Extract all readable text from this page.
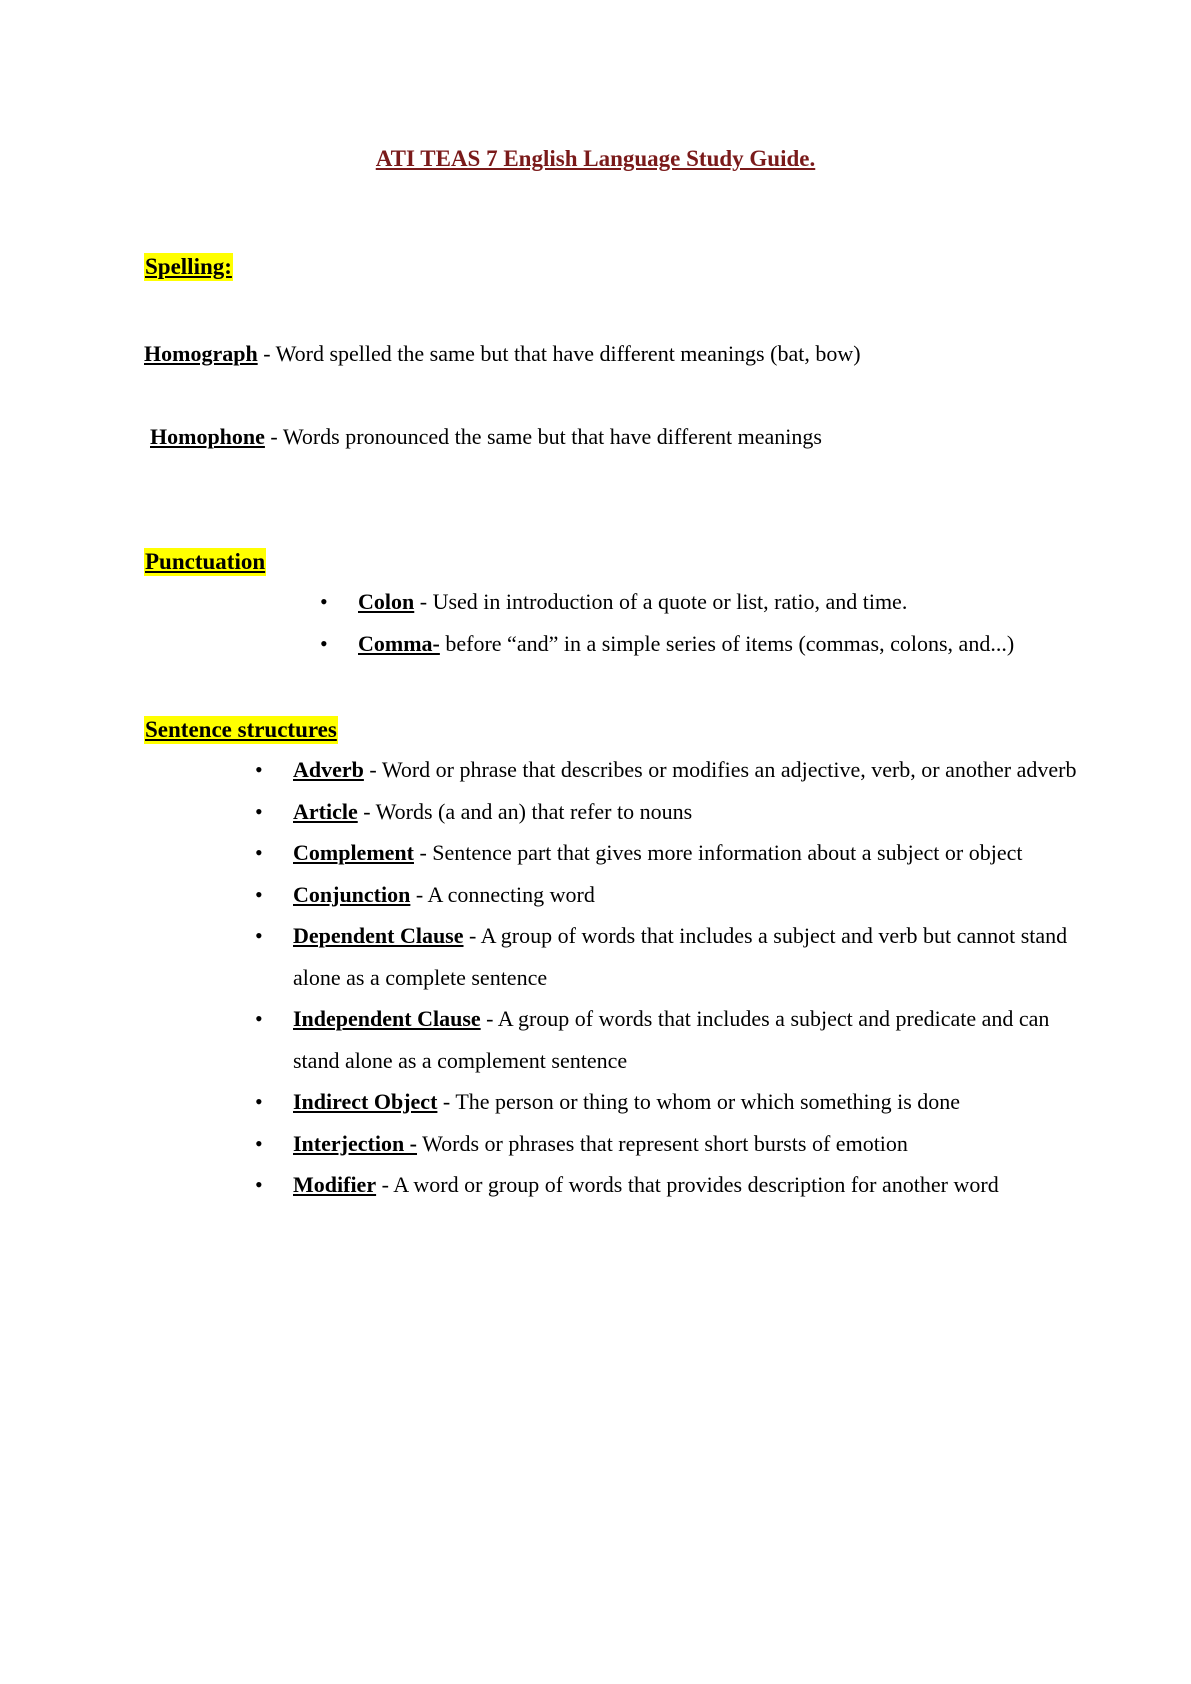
ATI TEAS 7 English Language Study Guide.
Spelling:
Homograph - Word spelled the same but that have different meanings (bat, bow)
Homophone - Words pronounced the same but that have different meanings
Punctuation
• Colon - Used in introduction of a quote or list, ratio, and time.
• Comma- before “and” in a simple series of items (commas, colons, and...)
Sentence structures
• Adverb - Word or phrase that describes or modifies an adjective, verb, or another adverb
• Article - Words (a and an) that refer to nouns
• Complement - Sentence part that gives more information about a subject or object
• Conjunction - A connecting word
• Dependent Clause - A group of words that includes a subject and verb but cannot stand alone as a complete sentence
• Independent Clause - A group of words that includes a subject and predicate and can stand alone as a complement sentence
• Indirect Object - The person or thing to whom or which something is done
• Interjection - Words or phrases that represent short bursts of emotion
• Modifier - A word or group of words that provides description for another word
